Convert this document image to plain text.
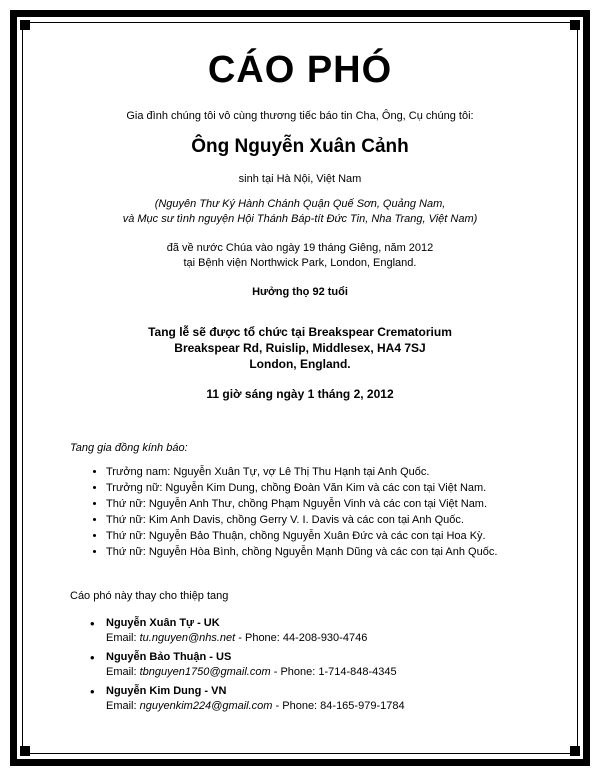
CÁO PHÓ
Gia đình chúng tôi vô cùng thương tiếc báo tin Cha, Ông, Cụ chúng tôi:
Ông Nguyễn Xuân Cảnh
sinh tại Hà Nội, Việt Nam
(Nguyên Thư Ký Hành Chánh Quận Quế Sơn, Quảng Nam,
và Mục sư tình nguyện Hội Thánh Báp-tít Đức Tin, Nha Trang, Việt Nam)
đã về nước Chúa vào ngày 19 tháng Giêng, năm 2012
tại Bệnh viện Northwick Park, London, England.
Hưởng thọ 92 tuổi
Tang lễ sẽ được tổ chức tại Breakspear Crematorium
Breakspear Rd, Ruislip, Middlesex, HA4 7SJ
London, England.
11 giờ sáng ngày 1 tháng 2, 2012
Tang gia đồng kính báo:
• Trưởng nam: Nguyễn Xuân Tự, vợ Lê Thị Thu Hạnh tại Anh Quốc.
• Trưởng nữ: Nguyễn Kim Dung, chồng Đoàn Văn Kim và các con tại Việt Nam.
• Thứ nữ: Nguyễn Anh Thư, chồng Phạm Nguyễn Vinh và các con tại Việt Nam.
• Thứ nữ: Kim Anh Davis, chồng Gerry V. I. Davis và các con tại Anh Quốc.
• Thứ nữ: Nguyễn Bảo Thuận, chồng Nguyễn Xuân Đức và các con tại Hoa Kỳ.
• Thứ nữ: Nguyễn Hòa Bình, chồng Nguyễn Mạnh Dũng và các con tại Anh Quốc.
Cáo phó này thay cho thiệp tang
• Nguyễn Xuân Tự - UK
Email: tu.nguyen@nhs.net - Phone: 44-208-930-4746
• Nguyễn Bảo Thuận - US
Email: tbnguyen1750@gmail.com - Phone: 1-714-848-4345
• Nguyễn Kim Dung - VN
Email: nguyenkim224@gmail.com - Phone: 84-165-979-1784
